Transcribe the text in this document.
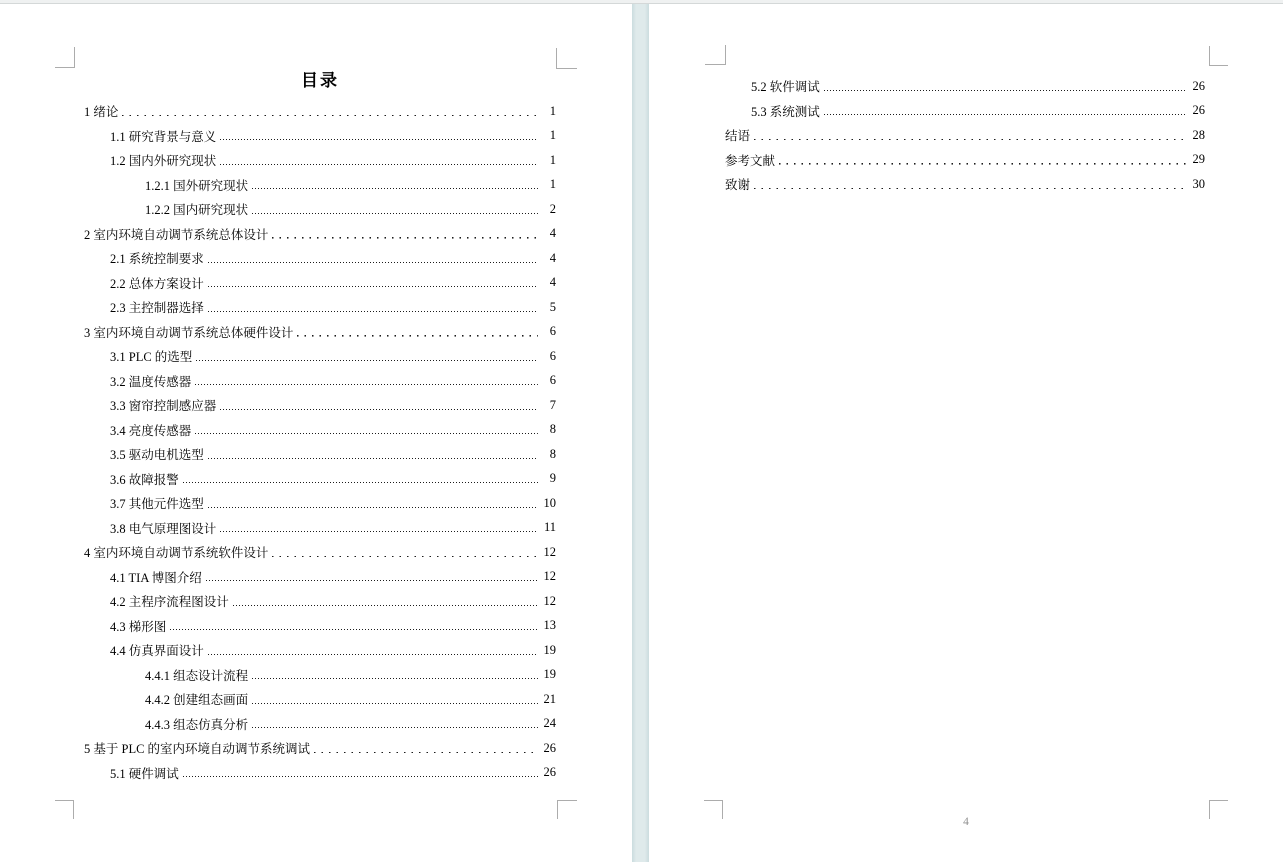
目录
1 绪论	1
1.1 研究背景与意义	1
1.2 国内外研究现状	1
1.2.1 国外研究现状	1
1.2.2 国内研究现状	2
2 室内环境自动调节系统总体设计	4
2.1 系统控制要求	4
2.2 总体方案设计	4
2.3 主控制器选择	5
3 室内环境自动调节系统总体硬件设计	6
3.1 PLC 的选型	6
3.2 温度传感器	6
3.3 窗帘控制感应器	7
3.4 亮度传感器	8
3.5 驱动电机选型	8
3.6 故障报警	9
3.7 其他元件选型	10
3.8 电气原理图设计	11
4 室内环境自动调节系统软件设计	12
4.1 TIA 博图介绍	12
4.2 主程序流程图设计	12
4.3 梯形图	13
4.4 仿真界面设计	19
4.4.1 组态设计流程	19
4.4.2 创建组态画面	21
4.4.3 组态仿真分析	24
5 基于 PLC 的室内环境自动调节系统调试	26
5.1 硬件调试	26
5.2 软件调试	26
5.3 系统测试	26
结语	28
参考文献	29
致谢	30
4
